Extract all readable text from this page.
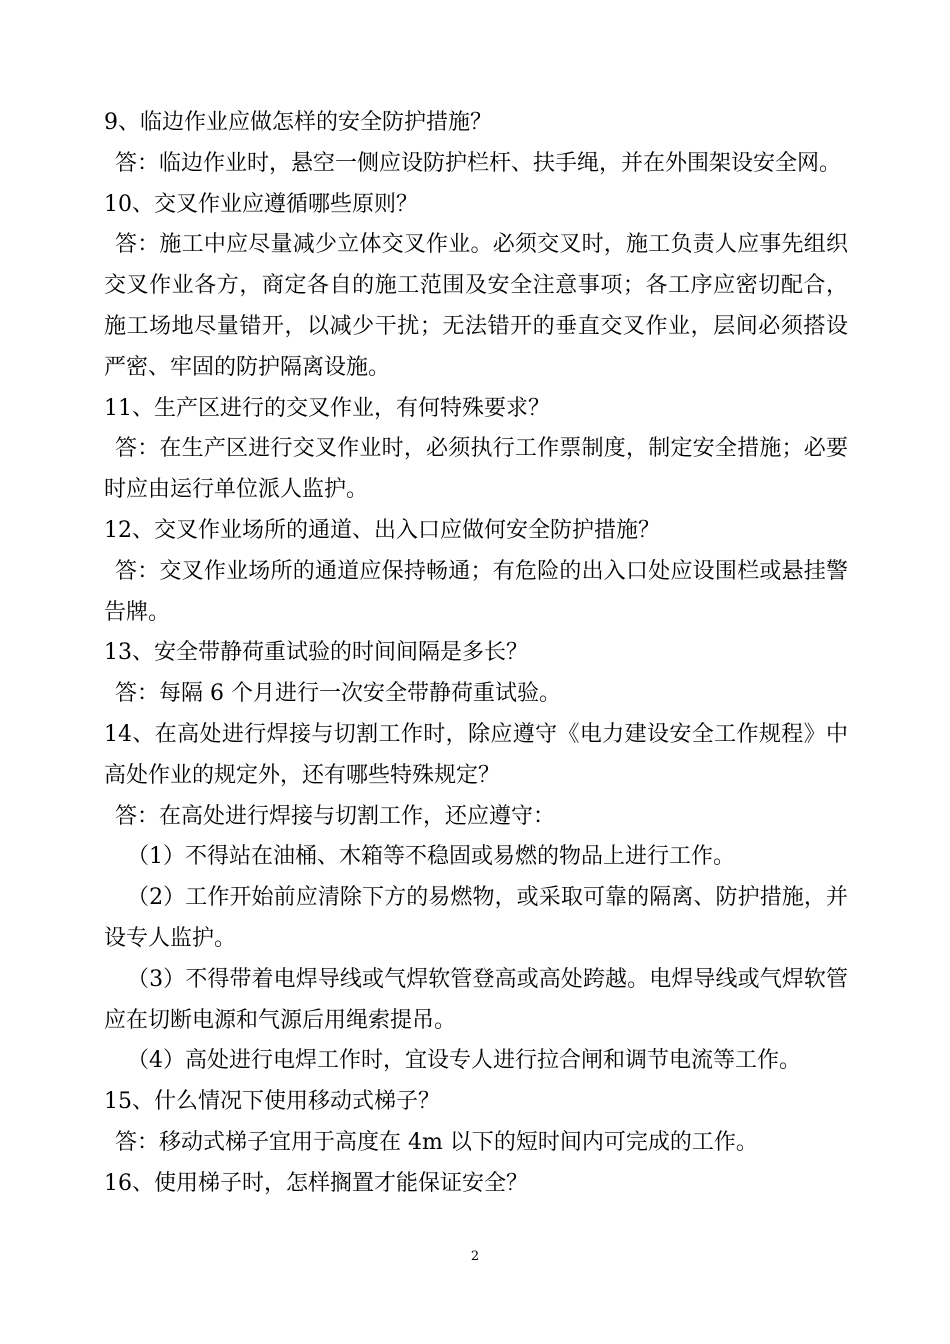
9、临边作业应做怎样的安全防护措施？
答：临边作业时，悬空一侧应设防护栏杆、扶手绳，并在外围架设安全网。
10、交叉作业应遵循哪些原则？
答：施工中应尽量减少立体交叉作业。必须交叉时，施工负责人应事先组织
交叉作业各方，商定各自的施工范围及安全注意事项；各工序应密切配合，
施工场地尽量错开，以减少干扰；无法错开的垂直交叉作业，层间必须搭设
严密、牢固的防护隔离设施。
11、生产区进行的交叉作业，有何特殊要求？
答：在生产区进行交叉作业时，必须执行工作票制度，制定安全措施；必要
时应由运行单位派人监护。
12、交叉作业场所的通道、出入口应做何安全防护措施？
答：交叉作业场所的通道应保持畅通；有危险的出入口处应设围栏或悬挂警
告牌。
13、安全带静荷重试验的时间间隔是多长？
答：每隔 6 个月进行一次安全带静荷重试验。
14、在高处进行焊接与切割工作时，除应遵守《电力建设安全工作规程》中
高处作业的规定外，还有哪些特殊规定？
答：在高处进行焊接与切割工作，还应遵守：
（1）不得站在油桶、木箱等不稳固或易燃的物品上进行工作。
（2）工作开始前应清除下方的易燃物，或采取可靠的隔离、防护措施，并
设专人监护。
（3）不得带着电焊导线或气焊软管登高或高处跨越。电焊导线或气焊软管
应在切断电源和气源后用绳索提吊。
（4）高处进行电焊工作时，宜设专人进行拉合闸和调节电流等工作。
15、什么情况下使用移动式梯子？
答：移动式梯子宜用于高度在 4m 以下的短时间内可完成的工作。
16、使用梯子时，怎样搁置才能保证安全？
2
